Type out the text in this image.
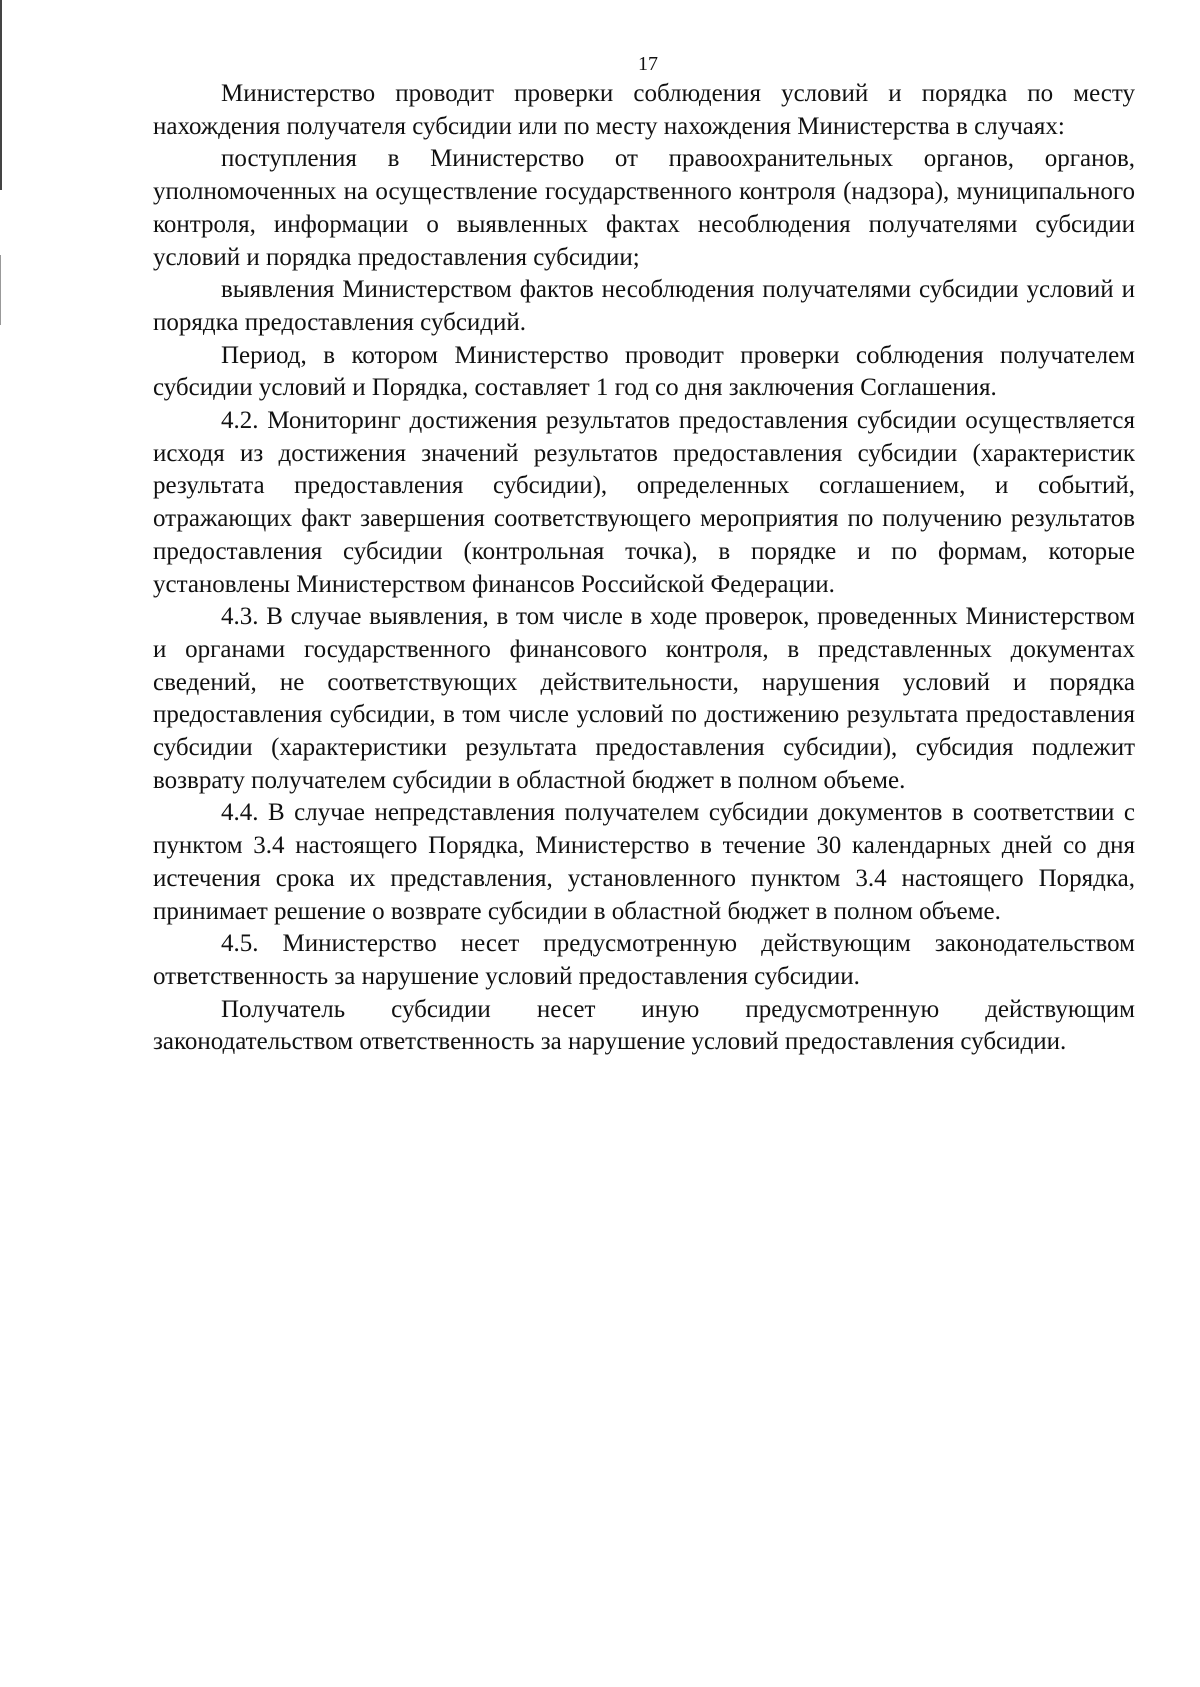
17

Министерство проводит проверки соблюдения условий и порядка по месту нахождения получателя субсидии или по месту нахождения Министерства в случаях:

поступления в Министерство от правоохранительных органов, органов, уполномоченных на осуществление государственного контроля (надзора), муниципального контроля, информации о выявленных фактах несоблюдения получателями субсидии условий и порядка предоставления субсидии;

выявления Министерством фактов несоблюдения получателями субсидии условий и порядка предоставления субсидий.

Период, в котором Министерство проводит проверки соблюдения получателем субсидии условий и Порядка, составляет 1 год со дня заключения Соглашения.

4.2. Мониторинг достижения результатов предоставления субсидии осуществляется исходя из достижения значений результатов предоставления субсидии (характеристик результата предоставления субсидии), определенных соглашением, и событий, отражающих факт завершения соответствующего мероприятия по получению результатов предоставления субсидии (контрольная точка), в порядке и по формам, которые установлены Министерством финансов Российской Федерации.

4.3. В случае выявления, в том числе в ходе проверок, проведенных Министерством и органами государственного финансового контроля, в представленных документах сведений, не соответствующих действительности, нарушения условий и порядка предоставления субсидии, в том числе условий по достижению результата предоставления субсидии (характеристики результата предоставления субсидии), субсидия подлежит возврату получателем субсидии в областной бюджет в полном объеме.

4.4. В случае непредставления получателем субсидии документов в соответствии с пунктом 3.4 настоящего Порядка, Министерство в течение 30 календарных дней со дня истечения срока их представления, установленного пунктом 3.4 настоящего Порядка, принимает решение о возврате субсидии в областной бюджет в полном объеме.

4.5. Министерство несет предусмотренную действующим законодательством ответственность за нарушение условий предоставления субсидии.

Получатель субсидии несет иную предусмотренную действующим законодательством ответственность за нарушение условий предоставления субсидии.
